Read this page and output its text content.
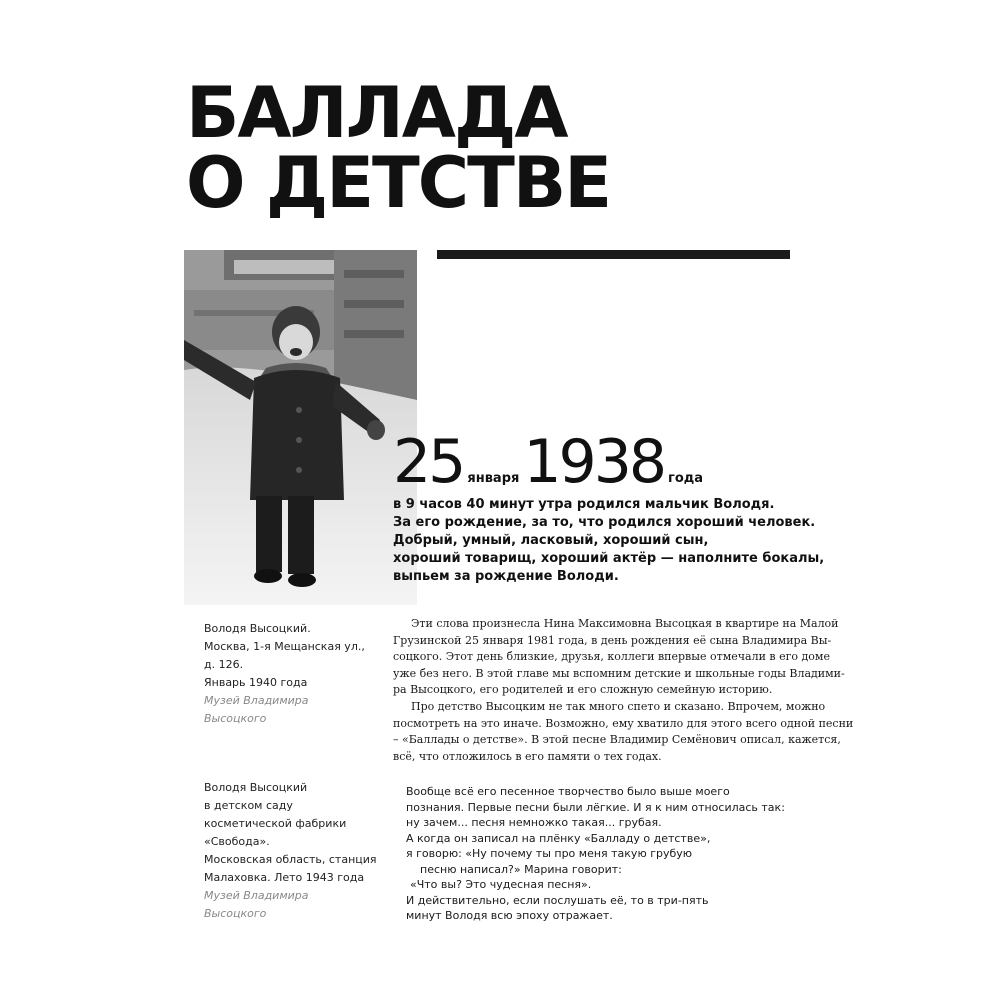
БАЛЛАДА
О ДЕТСТВЕ
25 января 1938 года
в 9 часов 40 минут утра родился мальчик Володя.
За его рождение, за то, что родился хороший человек.
Добрый, умный, ласковый, хороший сын,
хороший товарищ, хороший актёр — наполните бокалы,
выпьем за рождение Володи.
Володя Высоцкий.
Москва, 1-я Мещанская ул.,
д. 126.
Январь 1940 года
Музей Владимира
Высоцкого
Володя Высоцкий
в детском саду
косметической фабрики
«Свобода».
Московская область, станция
Малаховка. Лето 1943 года
Музей Владимира
Высоцкого

Эти слова произнесла Нина Максимовна Высоцкая в квартире на Малой
Грузинской 25 января 1981 года, в день рождения её сына Владимира Вы-
соцкого. Этот день близкие, друзья, коллеги впервые отмечали в его доме
уже без него. В этой главе мы вспомним детские и школьные годы Владими-
ра Высоцкого, его родителей и его сложную семейную историю.

Про детство Высоцким не так много спето и сказано. Впрочем, можно
посмотреть на это иначе. Возможно, ему хватило для этого всего одной песни
– «Баллады о детстве». В этой песне Владимир Семёнович описал, кажется,
всё, что отложилось в его памяти о тех годах.

Вообще всё его песенное творчество было выше моего
познания. Первые песни были лёгкие. И я к ним относилась так:
ну зачем... песня немножко такая... грубая.
А когда он записал на плёнку «Балладу о детстве»,
я говорю: «Ну почему ты про меня такую грубую
песню написал?» Марина говорит:
«Что вы? Это чудесная песня».
И действительно, если послушать её, то в три-пять
минут Володя всю эпоху отражает.
